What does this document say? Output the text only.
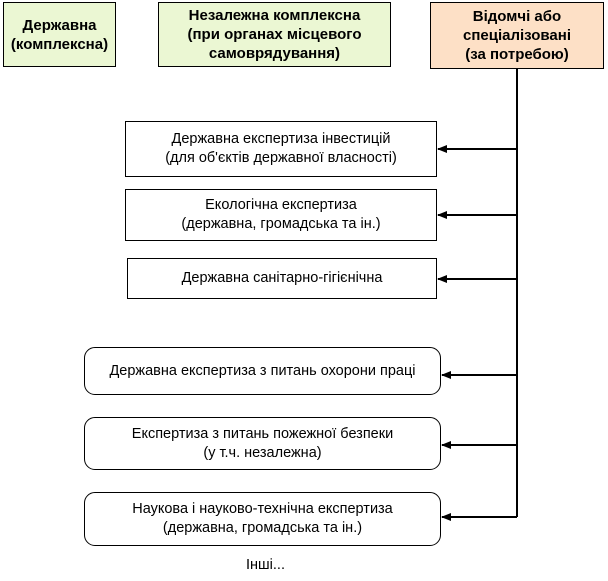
Державна
(комплексна)
Незалежна комплексна
(при органах місцевого
самоврядування)
Відомчі або
спеціалізовані
(за потребою)
Державна експертиза інвестицій
(для об'єктів державної власності)
Екологічна експертиза
(державна, громадська та ін.)
Державна санітарно-гігієнічна
Державна експертиза з питань охорони праці
Експертиза з питань пожежної безпеки
(у т.ч. незалежна)
Наукова і науково-технічна експертиза
(державна, громадська та ін.)
Інші...
